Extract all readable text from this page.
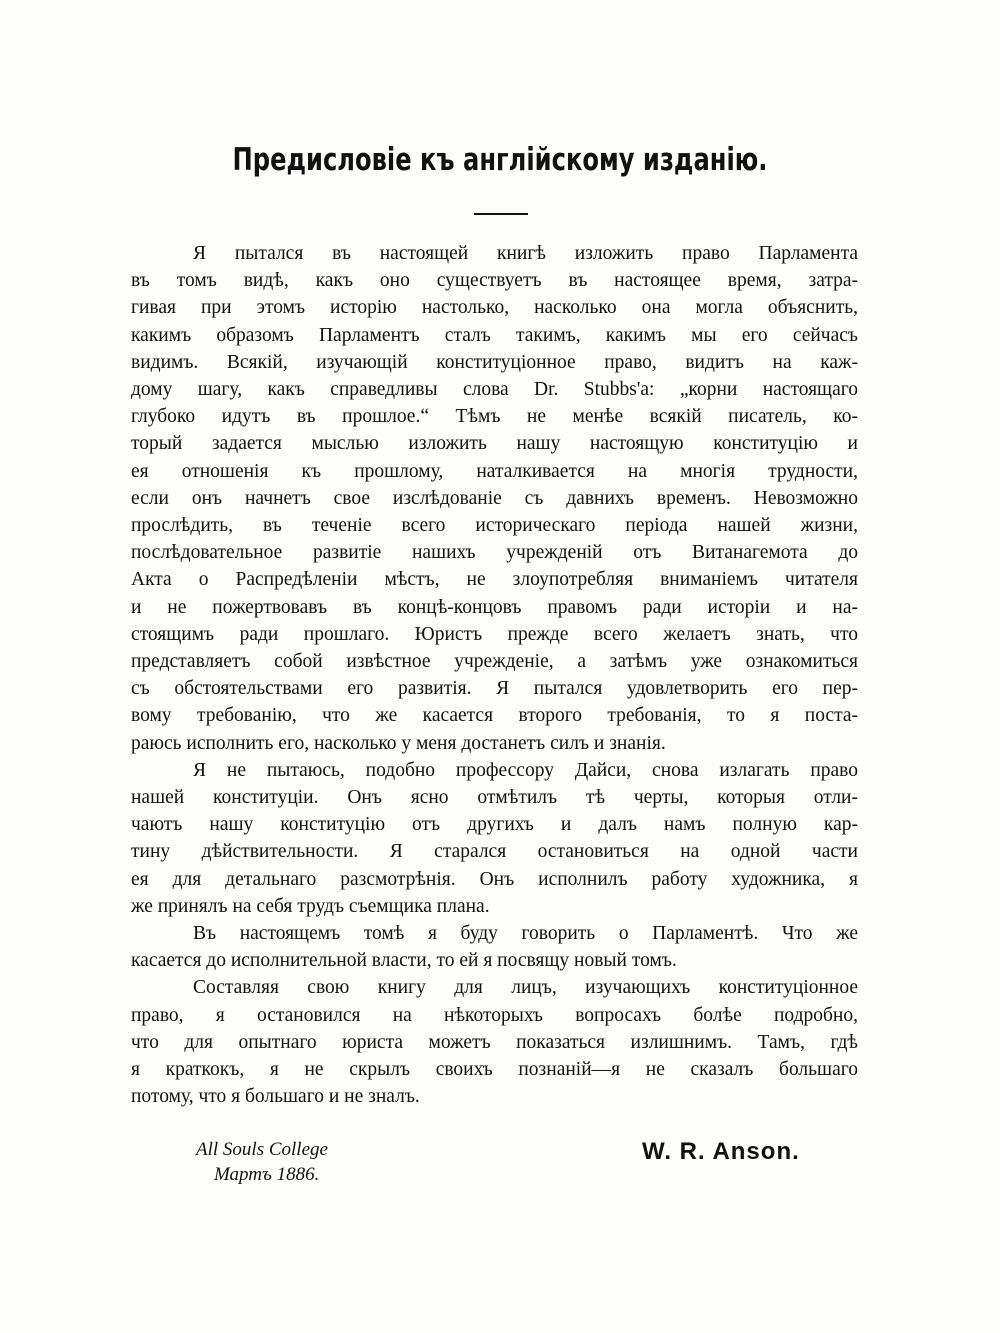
Предисловіе къ англійскому изданію.

Я пытался въ настоящей книгѣ изложить право Парламента
въ томъ видѣ, какъ оно существуетъ въ настоящее время, затра-
гивая при этомъ исторію настолько, насколько она могла объяснить,
какимъ образомъ Парламентъ сталъ такимъ, какимъ мы его сейчасъ
видимъ. Всякій, изучающій конституціонное право, видитъ на каж-
дому шагу, какъ справедливы слова Dr. Stubbs'а: „корни настоящаго
глубоко идутъ въ прошлое.“ Тѣмъ не менѣе всякій писатель, ко-
торый задается мыслью изложить нашу настоящую конституцію и
ея отношенія къ прошлому, наталкивается на многія трудности,
если онъ начнетъ свое изслѣдованіе съ давнихъ временъ. Невозможно
прослѣдить, въ теченіе всего историческаго періода нашей жизни,
послѣдовательное развитіе нашихъ учрежденій отъ Витанагемота до
Акта о Распредѣленіи мѣстъ, не злоупотребляя вниманіемъ читателя
и не пожертвовавъ въ концѣ-концовъ правомъ ради исторіи и на-
стоящимъ ради прошлаго. Юристъ прежде всего желаетъ знать, что
представляетъ собой извѣстное учрежденіе, а затѣмъ уже ознакомиться
съ обстоятельствами его развитія. Я пытался удовлетворить его пер-
вому требованію, что же касается второго требованія, то я поста-
раюсь исполнить его, насколько у меня достанетъ силъ и знанія.

Я не пытаюсь, подобно профессору Дайси, снова излагать право
нашей конституціи. Онъ ясно отмѣтилъ тѣ черты, которыя отли-
чаютъ нашу конституцію отъ другихъ и далъ намъ полную кар-
тину дѣйствительности. Я старался остановиться на одной части
ея для детальнаго разсмотрѣнія. Онъ исполнилъ работу художника, я
же принялъ на себя трудъ съемщика плана.

Въ настоящемъ томѣ я буду говорить о Парламентѣ. Что же
касается до исполнительной власти, то ей я посвящу новый томъ.

Составляя свою книгу для лицъ, изучающихъ конституціонное
право, я остановился на нѣкоторыхъ вопросахъ болѣе подробно,
что для опытнаго юриста можетъ показаться излишнимъ. Тамъ, гдѣ
я краткокъ, я не скрылъ своихъ познаній—я не сказалъ большаго
потому, что я большаго и не зналъ.

All Souls College
Мартъ 1886.
W. R. Anson.
